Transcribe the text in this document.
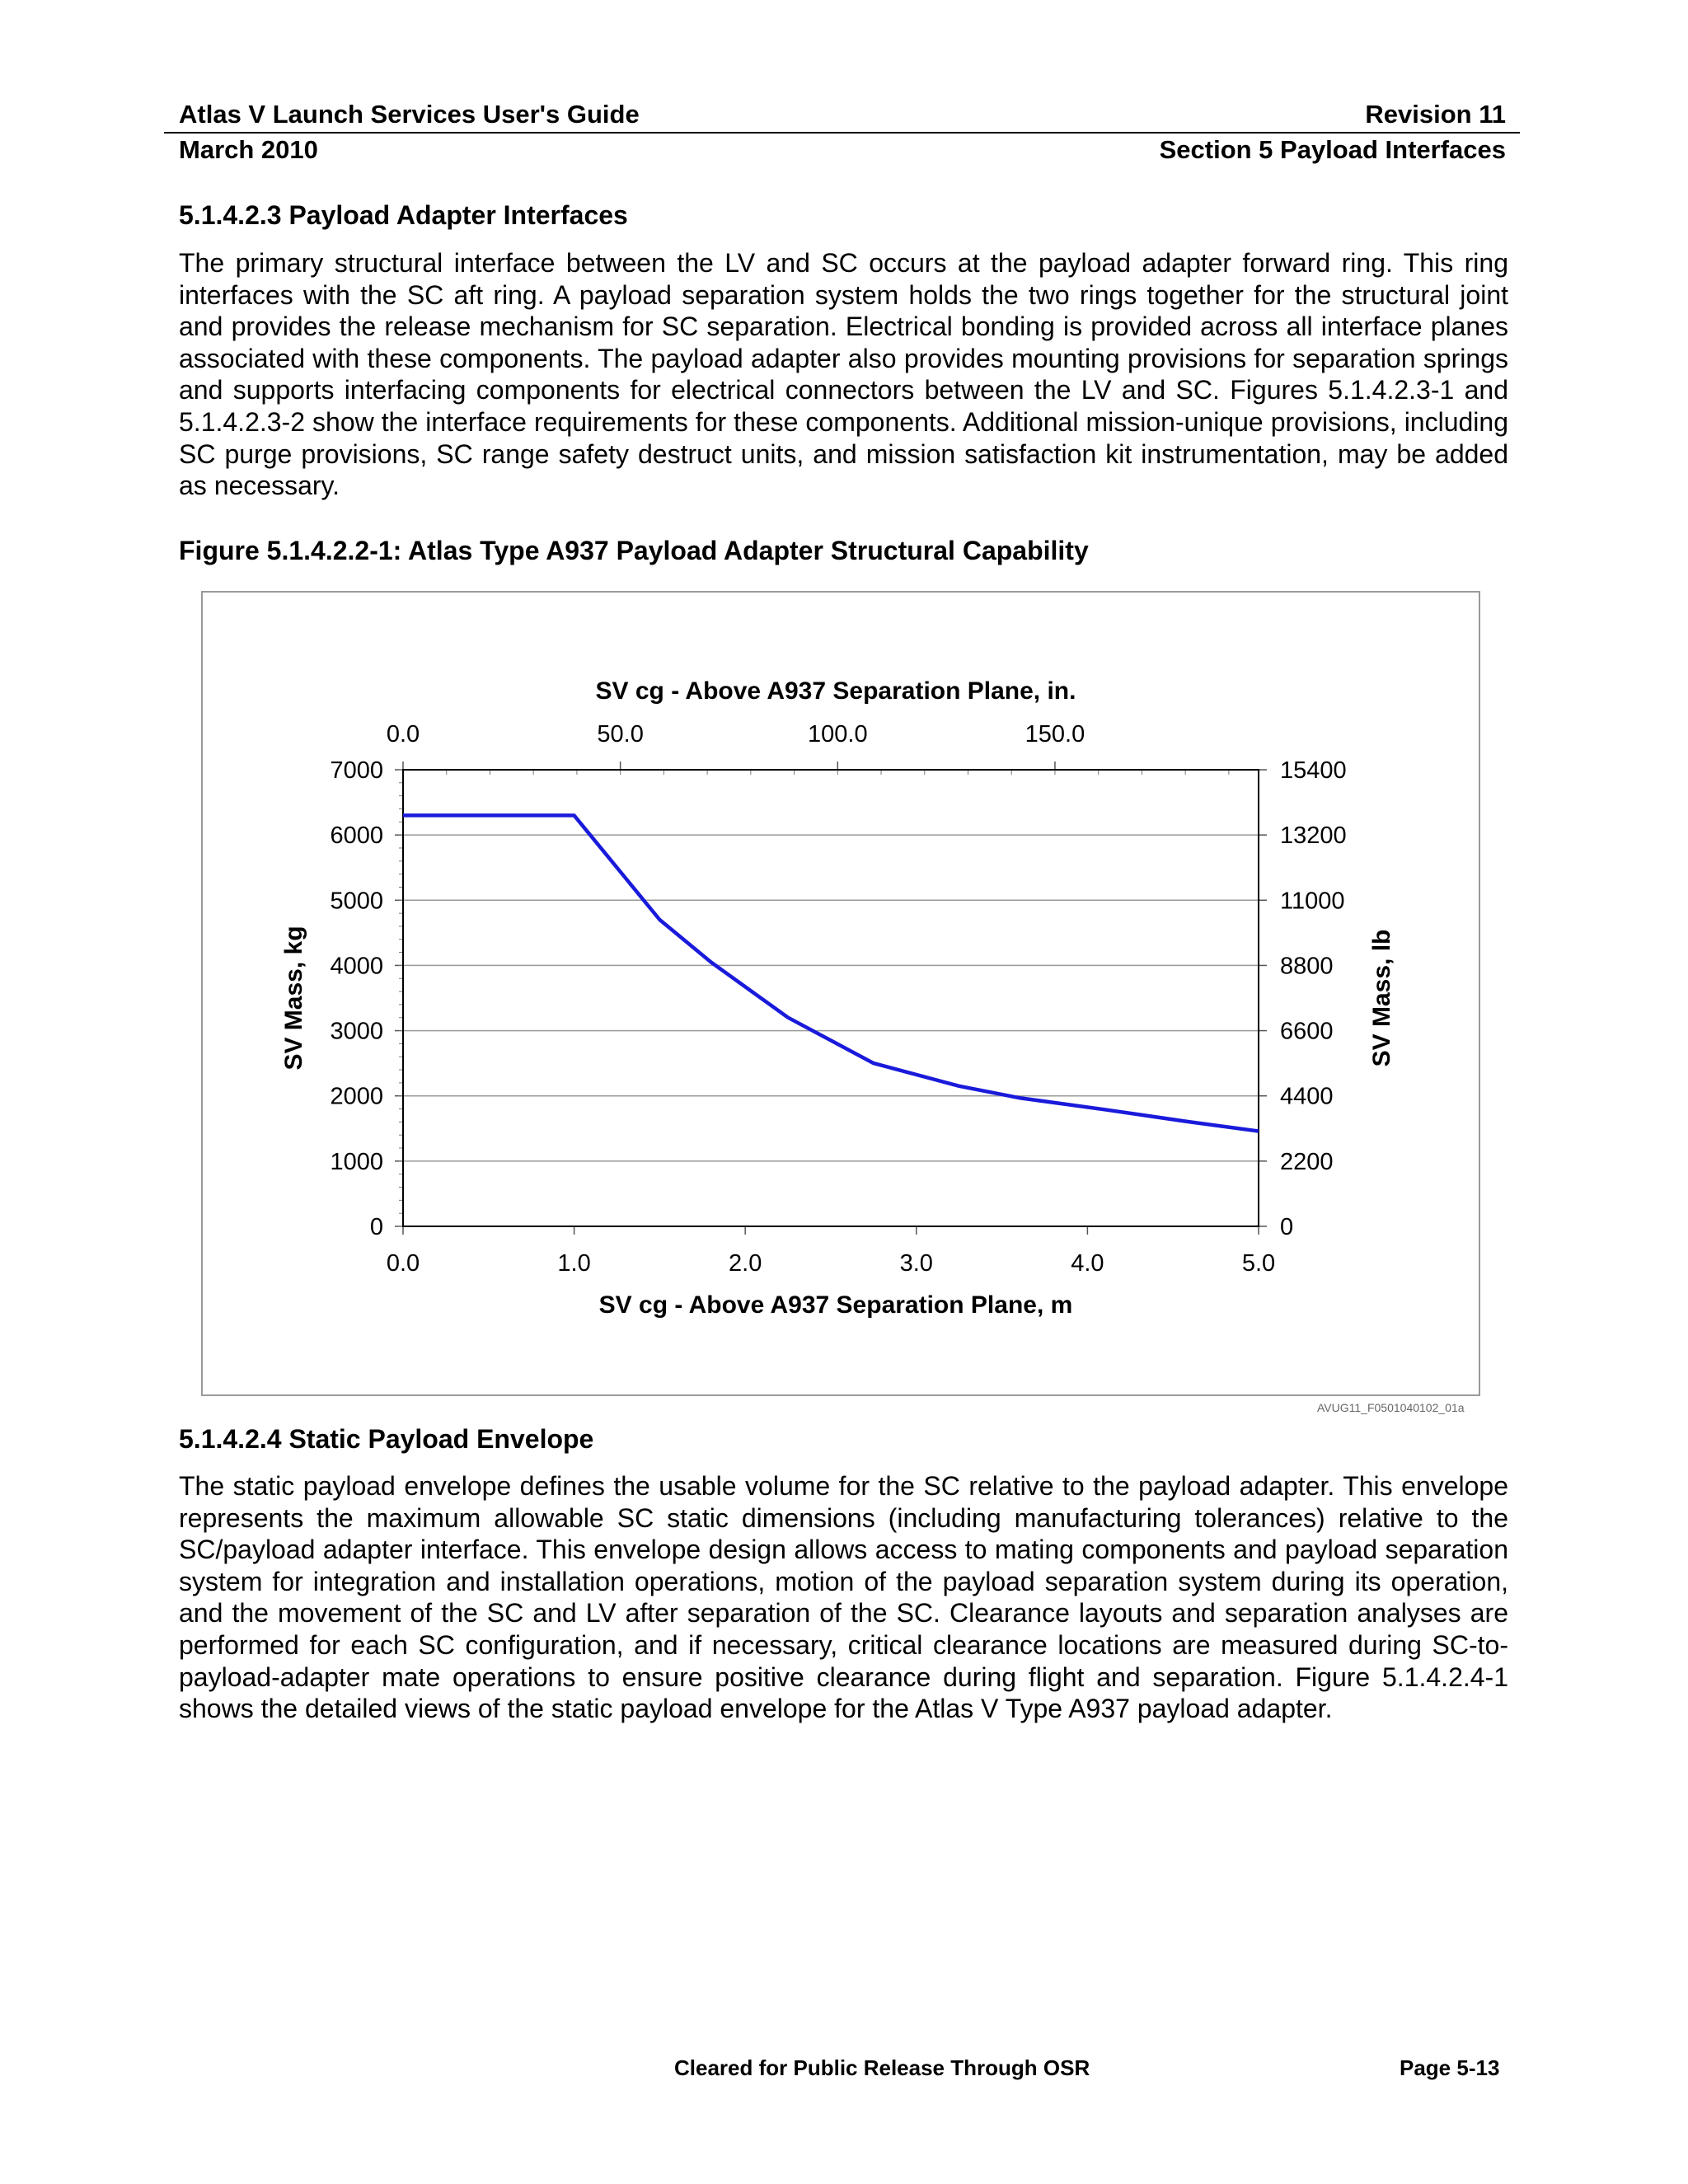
Atlas V Launch Services User's Guide	Revision 11
March 2010	Section 5 Payload Interfaces
5.1.4.2.3 Payload Adapter Interfaces
The primary structural interface between the LV and SC occurs at the payload adapter forward ring. This ring interfaces with the SC aft ring. A payload separation system holds the two rings together for the structural joint and provides the release mechanism for SC separation. Electrical bonding is provided across all interface planes associated with these components. The payload adapter also provides mounting provisions for separation springs and supports interfacing components for electrical connectors between the LV and SC. Figures 5.1.4.2.3-1 and 5.1.4.2.3-2 show the interface requirements for these components. Additional mission-unique provisions, including SC purge provisions, SC range safety destruct units, and mission satisfaction kit instrumentation, may be added as necessary.
Figure 5.1.4.2.2-1: Atlas Type A937 Payload Adapter Structural Capability
0	0
1000	2200
2000	4400
3000	6600
4000	8800
5000	11000
6000	13200
7000	15400
0.0	1.0	2.0	3.0	4.0	5.0
0.0	50.0	100.0	150.0
SV cg - Above A937 Separation Plane, in.
SV cg - Above A937 Separation Plane, m
SV Mass, kg	SV Mass, lb
AVUG11_F0501040102_01a
5.1.4.2.4 Static Payload Envelope
The static payload envelope defines the usable volume for the SC relative to the payload adapter. This envelope represents the maximum allowable SC static dimensions (including manufacturing tolerances) relative to the SC/payload adapter interface. This envelope design allows access to mating components and payload separation system for integration and installation operations, motion of the payload separation system during its operation, and the movement of the SC and LV after separation of the SC. Clearance layouts and separation analyses are performed for each SC configuration, and if necessary, critical clearance locations are measured during SC-to-payload-adapter mate operations to ensure positive clearance during flight and separation. Figure 5.1.4.2.4-1 shows the detailed views of the static payload envelope for the Atlas V Type A937 payload adapter.
Cleared for Public Release Through OSR	Page 5-13
